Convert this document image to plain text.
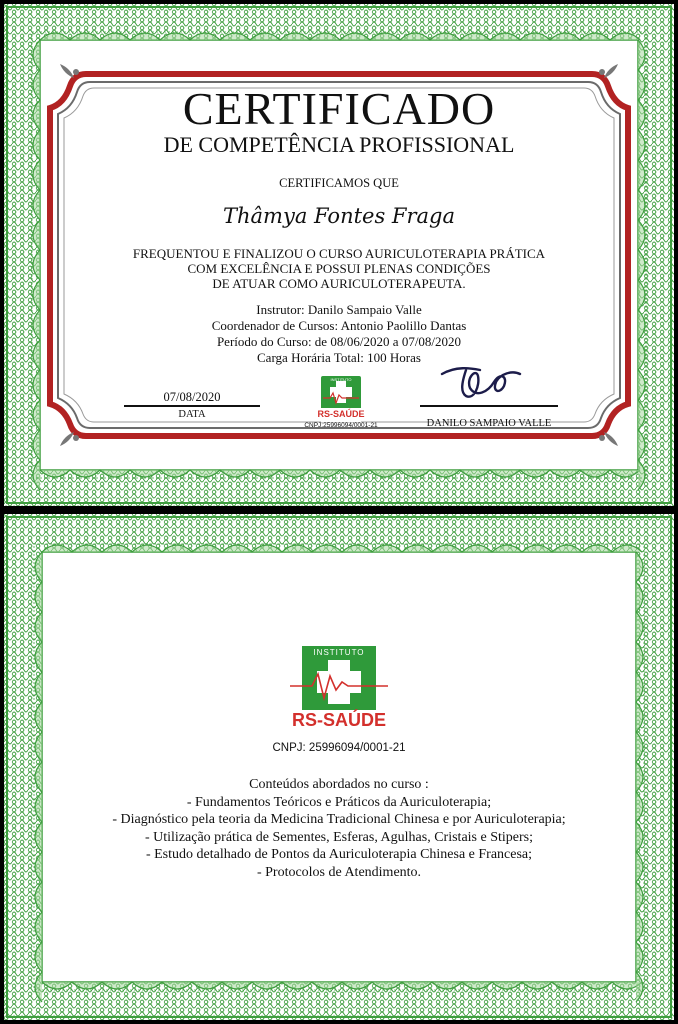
CERTIFICADO
DE COMPETÊNCIA PROFISSIONAL
CERTIFICAMOS QUE
Thâmya Fontes Fraga
FREQUENTOU E FINALIZOU O CURSO AURICULOTERAPIA PRÁTICA
COM EXCELÊNCIA E POSSUI PLENAS CONDIÇÕES
DE ATUAR COMO AURICULOTERAPEUTA.
Instrutor: Danilo Sampaio Valle
Coordenador de Cursos: Antonio Paolillo Dantas
Período do Curso: de 08/06/2020 a 07/08/2020
Carga Horária Total: 100 Horas
07/08/2020
DATA	RS-SAÚDE
CNPJ:25996094/0001-21
INSTITUTO
DANILO SAMPAIO VALLE
INSTITUTO
RS-SAÚDE
CNPJ: 25996094/0001-21
Conteúdos abordados no curso :
- Fundamentos Teóricos e Práticos da Auriculoterapia;
- Diagnóstico pela teoria da Medicina Tradicional Chinesa e por Auriculoterapia;
- Utilização prática de Sementes, Esferas, Agulhas, Cristais e Stipers;
- Estudo detalhado de Pontos da Auriculoterapia Chinesa e Francesa;
- Protocolos de Atendimento.
